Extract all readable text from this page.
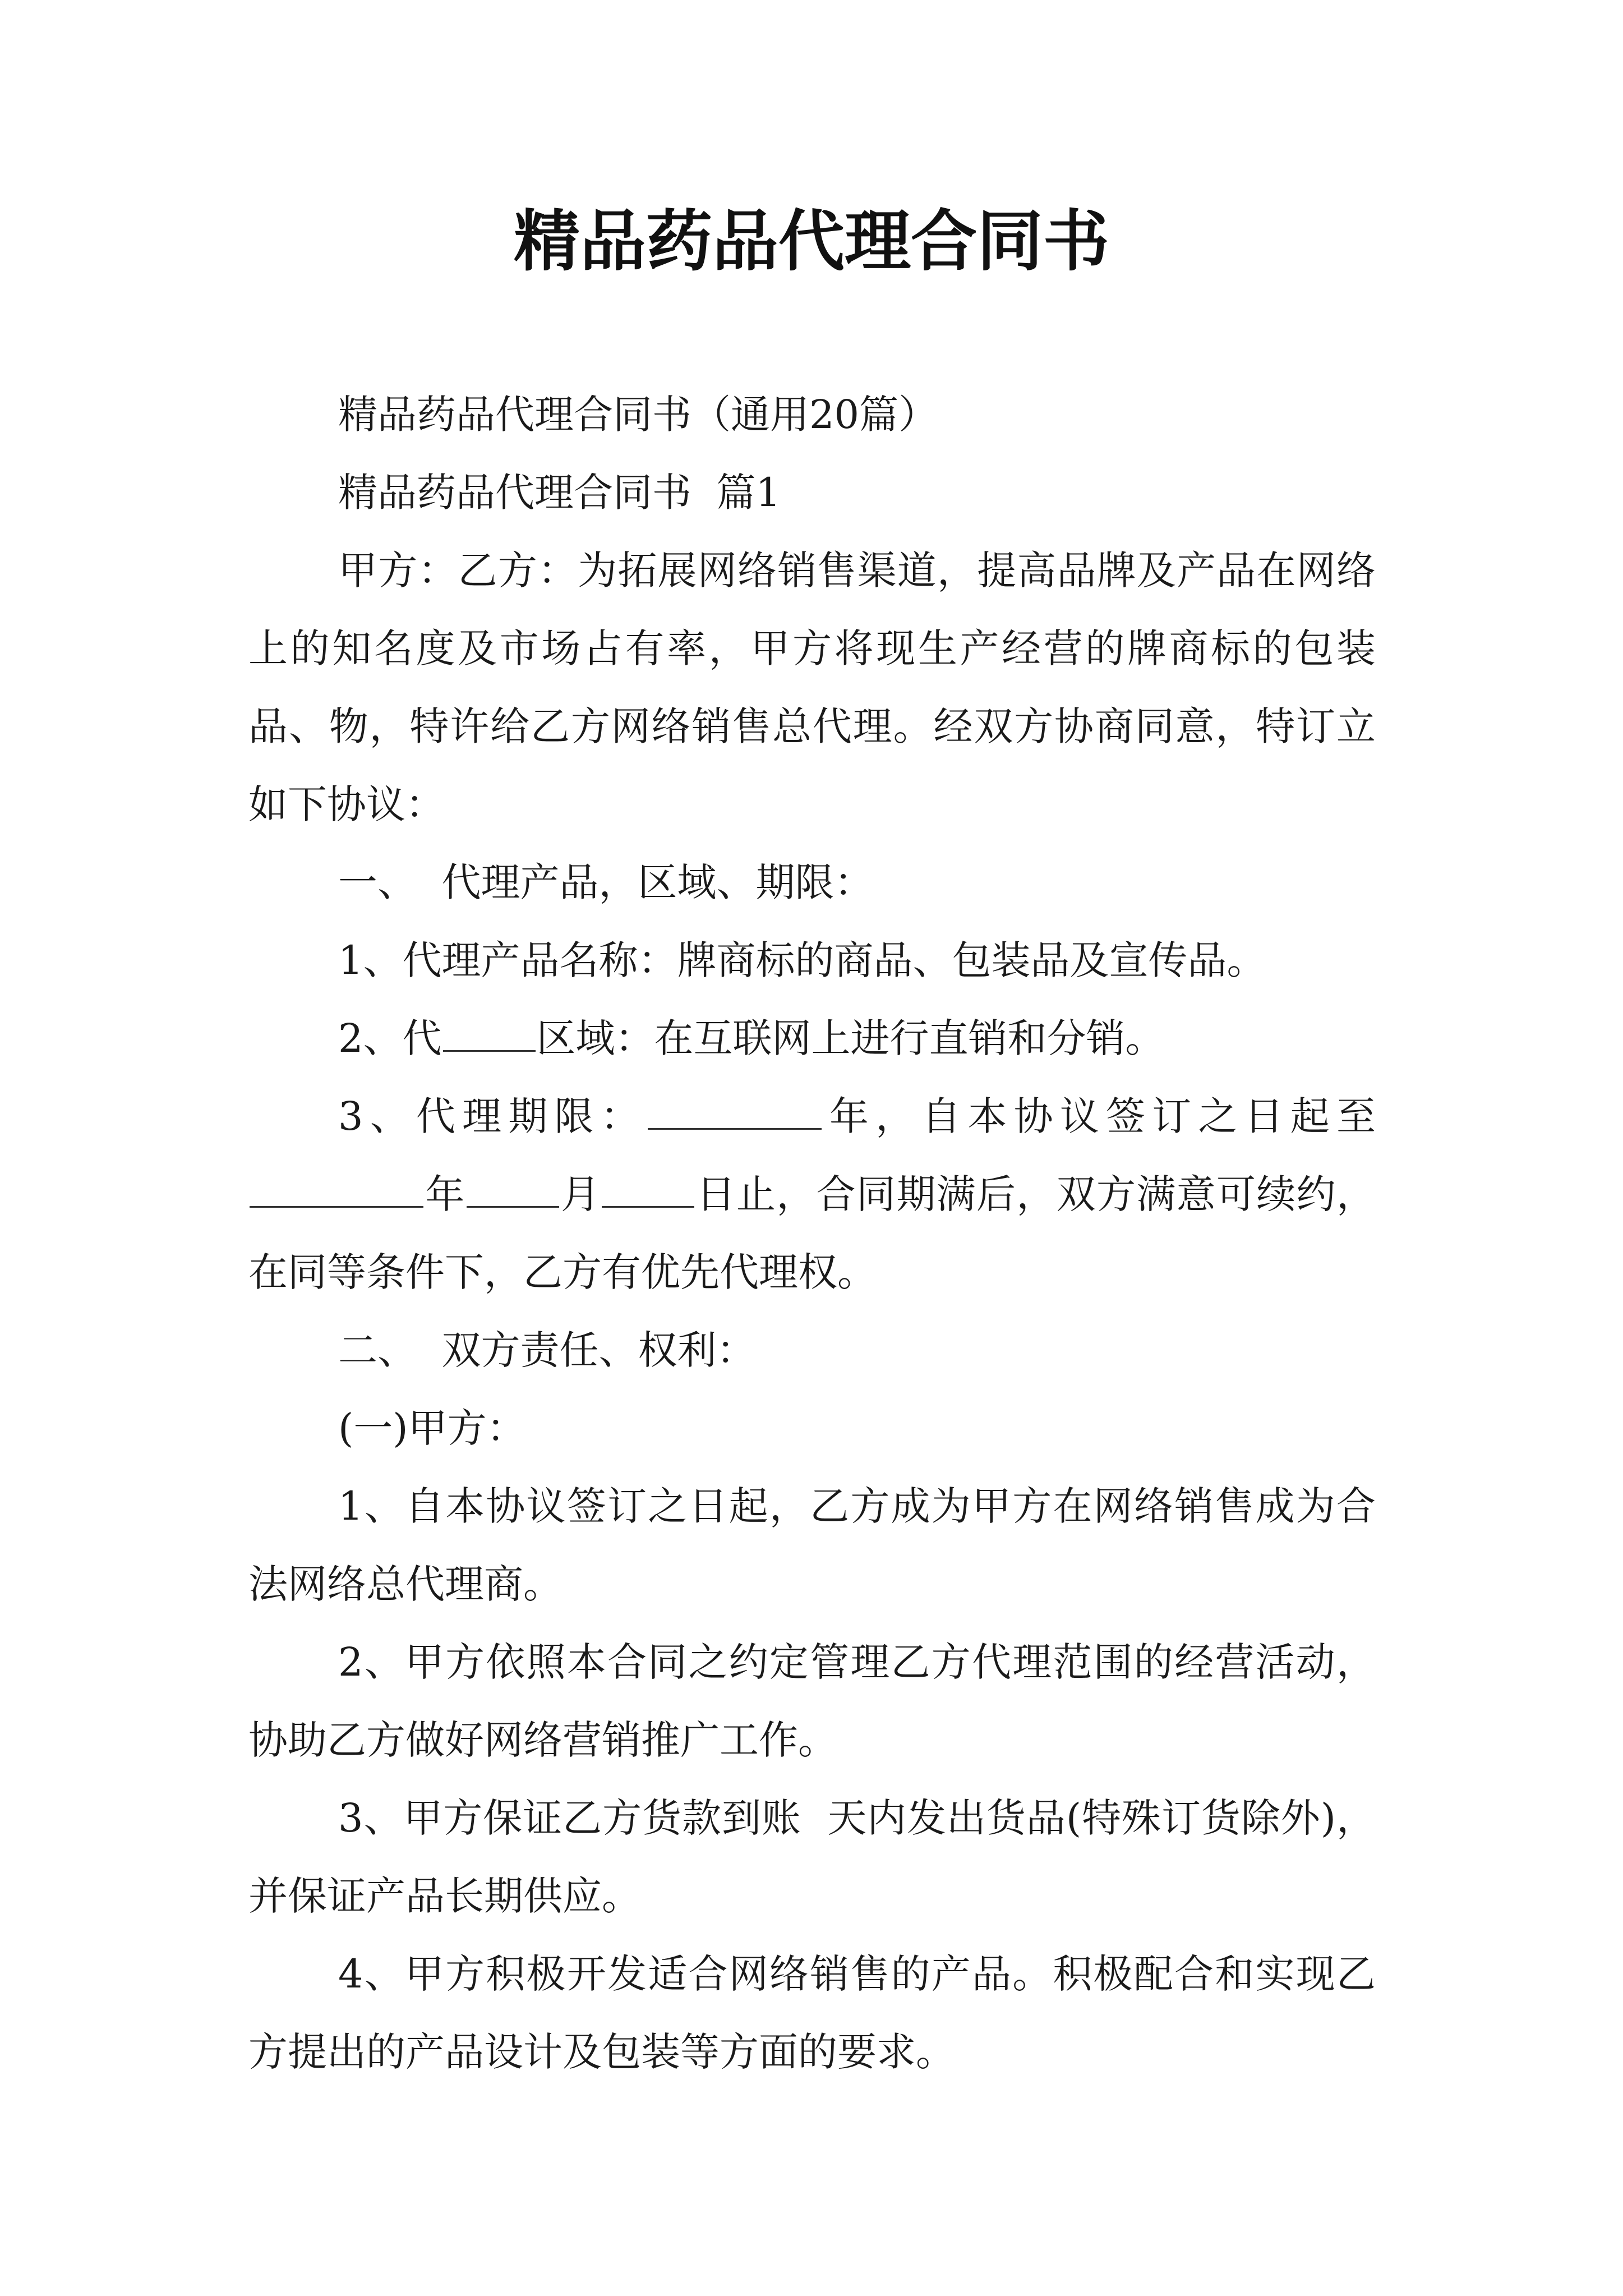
精品药品代理合同书

精品药品代理合同书（通用20篇）

精品药品代理合同书  篇1

甲方：乙方：为拓展网络销售渠道，提高品牌及产品在网络上的知名度及市场占有率，甲方将现生产经营的牌商标的包装品、物，特许给乙方网络销售总代理。经双方协商同意，特订立如下协议：

一、  代理产品，区域、期限：

1、代理产品名称：牌商标的商品、包装品及宣传品。

2、代 区域：在互联网上进行直销和分销。

3、代理期限：	年，自本协议签订之日起至年 月 日止，合同期满后，双方满意可续约，在同等条件下，乙方有优先代理权。

二、  双方责任、权利：

(一)甲方：

1、自本协议签订之日起，乙方成为甲方在网络销售成为合法网络总代理商。

2、甲方依照本合同之约定管理乙方代理范围的经营活动，协助乙方做好网络营销推广工作。

3、甲方保证乙方货款到账  天内发出货品(特殊订货除外)，并保证产品长期供应。

4、甲方积极开发适合网络销售的产品。积极配合和实现乙方提出的产品设计及包装等方面的要求。
